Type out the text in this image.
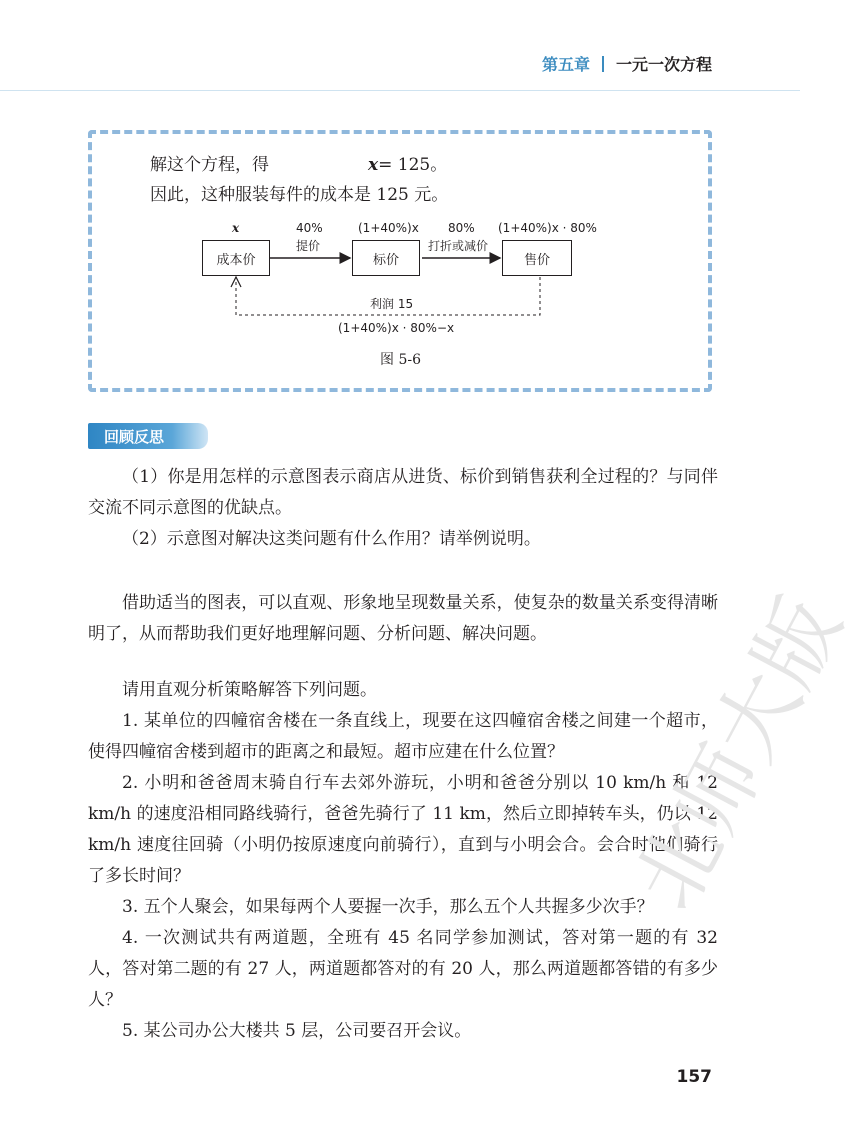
第五章 一元一次方程
解这个方程，得	x= 125。
因此，这种服装每件的成本是 125 元。
成本价	标价	售价
x	40%
提价
(1+40%)x 80%
打折或减价
(1+40%)x · 80%
利润 15
(1+40%)x · 80%−x
图 5-6
回顾反思

（1）你是用怎样的示意图表示商店从进货、标价到销售获利全过程的？与同伴交流不同示意图的优缺点。

（2）示意图对解决这类问题有什么作用？请举例说明。

借助适当的图表，可以直观、形象地呈现数量关系，使复杂的数量关系变得清晰明了，从而帮助我们更好地理解问题、分析问题、解决问题。

请用直观分析策略解答下列问题。

1. 某单位的四幢宿舍楼在一条直线上，现要在这四幢宿舍楼之间建一个超市，使得四幢宿舍楼到超市的距离之和最短。超市应建在什么位置？

2. 小明和爸爸周末骑自行车去郊外游玩，小明和爸爸分别以 10 km/h 和 12 km/h 的速度沿相同路线骑行，爸爸先骑行了 11 km，然后立即掉转车头，仍以 12 km/h 速度往回骑（小明仍按原速度向前骑行），直到与小明会合。会合时他们骑行了多长时间？

3. 五个人聚会，如果每两个人要握一次手，那么五个人共握多少次手？

4. 一次测试共有两道题，全班有 45 名同学参加测试，答对第一题的有 32 人，答对第二题的有 27 人，两道题都答对的有 20 人，那么两道题都答错的有多少人？

5. 某公司办公大楼共 5 层，公司要召开会议。

北师大版
157
